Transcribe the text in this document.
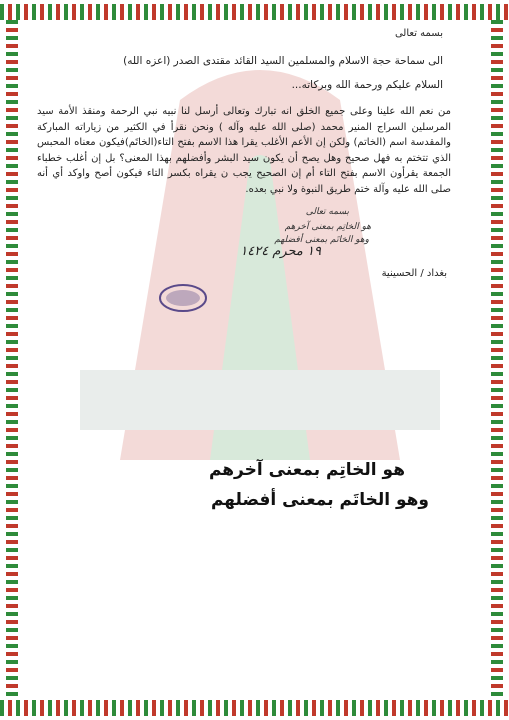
بسمه تعالى
الى سماحة حجة الاسلام والمسلمين السيد القائد مقتدى الصدر (اعزه الله)
السلام عليكم ورحمة الله وبركاته...
من نعم الله علينا وعلى جميع الخلق انه تبارك وتعالى أرسل لنا نبيه نبي الرحمة ومنقذ الأمة سيد المرسلين السراج المنير محمد (صلى الله عليه وآله ) ونحن نقرأ في الكثير من زياراته المباركة والمقدسة اسم (الخاتم) ولكن إن الأعم الأغلب يقرا هذا الاسم بفتح التاء(الخاتَم)فيكون معناه المحبس الذي تتختم به فهل صحيح وهل يصح أن يكون سيد البشر وأفضلهم بهذا المعنى؟ بل إن أغلب خطباء الجمعة يقرأون الاسم بفتح التاء أم إن الصحيح يجب ن يقراه بكسر التاء فيكون أصح واوكد أي أنه صلى الله عليه وآلة ختم طريق النبوة ولا نبي بعده.
بسمه تعالى
هو الخاتِم بمعنى آخرهم
وهو الخاتَم بمعنى أفضلهم
١٩ محرم ١٤٢٤
بغداد / الحسينية
هو الخاتِم بمعنى آخرهم
وهو الخاتَم بمعنى أفضلهم
